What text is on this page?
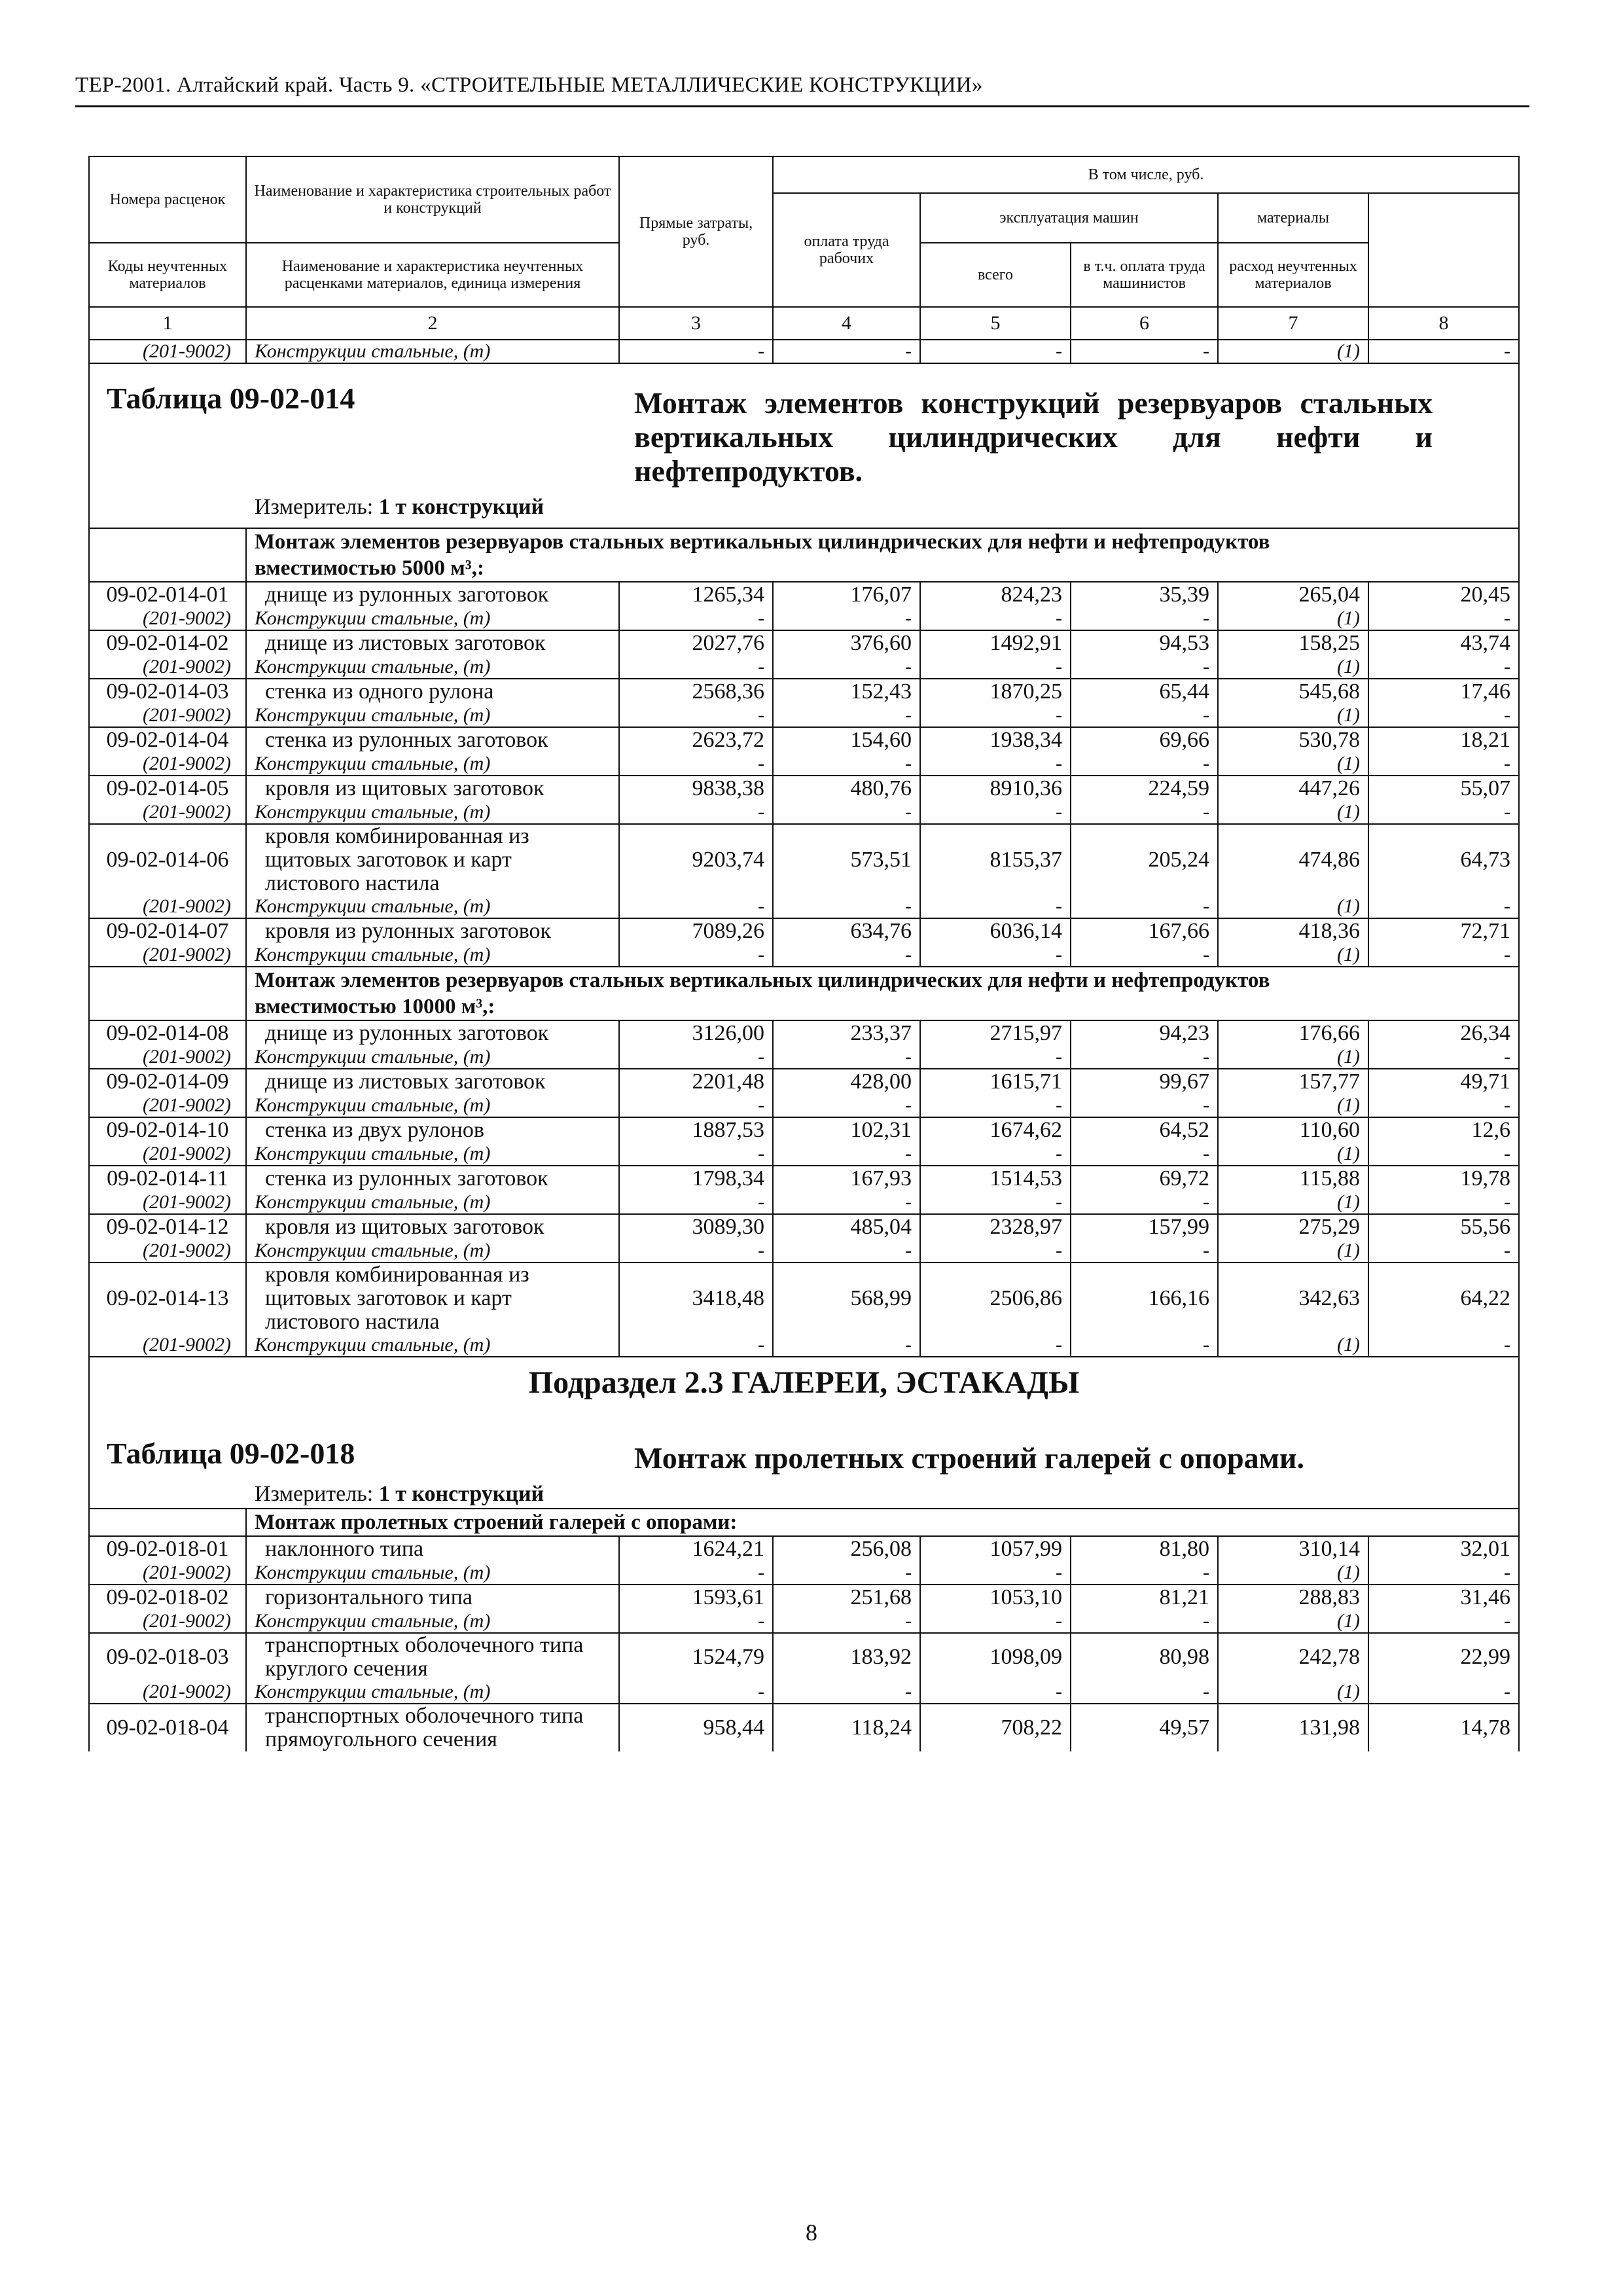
ТЕР-2001. Алтайский край. Часть 9. «СТРОИТЕЛЬНЫЕ МЕТАЛЛИЧЕСКИЕ КОНСТРУКЦИИ»
Номера расценок	Наименование и характеристика строительных работ и конструкций	Прямые затраты, руб.	В том числе, руб.	
			оплата труда рабочих	эксплуатация машин		материалы		
Коды неучтенных материалов	Наименование и характеристика неучтенных расценками материалов, единица измерения			всего	в т.ч. оплата труда машинистов	расход неучтенных материалов		
1	2	3	4	5	6	7	8	
(201-9002)	Конструкции стальные, (т)	-	-	-	-	(1)	-	

Таблица 09-02-014 Монтаж элементов конструкций резервуаров стальных вертикальных цилиндрических для нефти и нефтепродуктов.
Измеритель: 1 т конструкций								

	Монтаж элементов резервуаров стальных вертикальных цилиндрических для нефти и нефтепродуктов вместимостью 5000 м³,:							
09-02-014-01	днище из рулонных заготовок	1265,34	176,07	824,23	35,39	265,04	20,45	
(201-9002)	Конструкции стальные, (т)	-	-	-	-	(1)	-	
09-02-014-02	днище из листовых заготовок	2027,76	376,60	1492,91	94,53	158,25	43,74	
(201-9002)	Конструкции стальные, (т)	-	-	-	-	(1)	-	
09-02-014-03	стенка из одного рулона	2568,36	152,43	1870,25	65,44	545,68	17,46	
(201-9002)	Конструкции стальные, (т)	-	-	-	-	(1)	-	
09-02-014-04	стенка из рулонных заготовок	2623,72	154,60	1938,34	69,66	530,78	18,21	
(201-9002)	Конструкции стальные, (т)	-	-	-	-	(1)	-	
09-02-014-05	кровля из щитовых заготовок	9838,38	480,76	8910,36	224,59	447,26	55,07	
(201-9002)	Конструкции стальные, (т)	-	-	-	-	(1)	-	
09-02-014-06	кровля комбинированная из щитовых заготовок и карт листового настила	9203,74	573,51	8155,37	205,24	474,86	64,73	
(201-9002)	Конструкции стальные, (т)	-	-	-	-	(1)	-	
09-02-014-07	кровля из рулонных заготовок	7089,26	634,76	6036,14	167,66	418,36	72,71	
(201-9002)	Конструкции стальные, (т)	-	-	-	-	(1)	-	
	Монтаж элементов резервуаров стальных вертикальных цилиндрических для нефти и нефтепродуктов вместимостью 10000 м³,:							
09-02-014-08	днище из рулонных заготовок	3126,00	233,37	2715,97	94,23	176,66	26,34	
(201-9002)	Конструкции стальные, (т)	-	-	-	-	(1)	-	
09-02-014-09	днище из листовых заготовок	2201,48	428,00	1615,71	99,67	157,77	49,71	
(201-9002)	Конструкции стальные, (т)	-	-	-	-	(1)	-	
09-02-014-10	стенка из двух рулонов	1887,53	102,31	1674,62	64,52	110,60	12,6	
(201-9002)	Конструкции стальные, (т)	-	-	-	-	(1)	-	
09-02-014-11	стенка из рулонных заготовок	1798,34	167,93	1514,53	69,72	115,88	19,78	
(201-9002)	Конструкции стальные, (т)	-	-	-	-	(1)	-	
09-02-014-12	кровля из щитовых заготовок	3089,30	485,04	2328,97	157,99	275,29	55,56	
(201-9002)	Конструкции стальные, (т)	-	-	-	-	(1)	-	
09-02-014-13	кровля комбинированная из щитовых заготовок и карт листового настила	3418,48	568,99	2506,86	166,16	342,63	64,22	
(201-9002)	Конструкции стальные, (т)	-	-	-	-	(1)	-	

Подраздел 2.3 ГАЛЕРЕИ, ЭСТАКАДЫ
Таблица 09-02-018 Монтаж пролетных строений галерей с опорами.
Измеритель: 1 т конструкций								

	Монтаж пролетных строений галерей с опорами:							
09-02-018-01	наклонного типа	1624,21	256,08	1057,99	81,80	310,14	32,01	
(201-9002)	Конструкции стальные, (т)	-	-	-	-	(1)	-	
09-02-018-02	горизонтального типа	1593,61	251,68	1053,10	81,21	288,83	31,46	
(201-9002)	Конструкции стальные, (т)	-	-	-	-	(1)	-	
09-02-018-03	транспортных оболочечного типа круглого сечения	1524,79	183,92	1098,09	80,98	242,78	22,99	
(201-9002)	Конструкции стальные, (т)	-	-	-	-	(1)	-	
09-02-018-04	транспортных оболочечного типа прямоугольного сечения	958,44	118,24	708,22	49,57	131,98	14,78	
8
